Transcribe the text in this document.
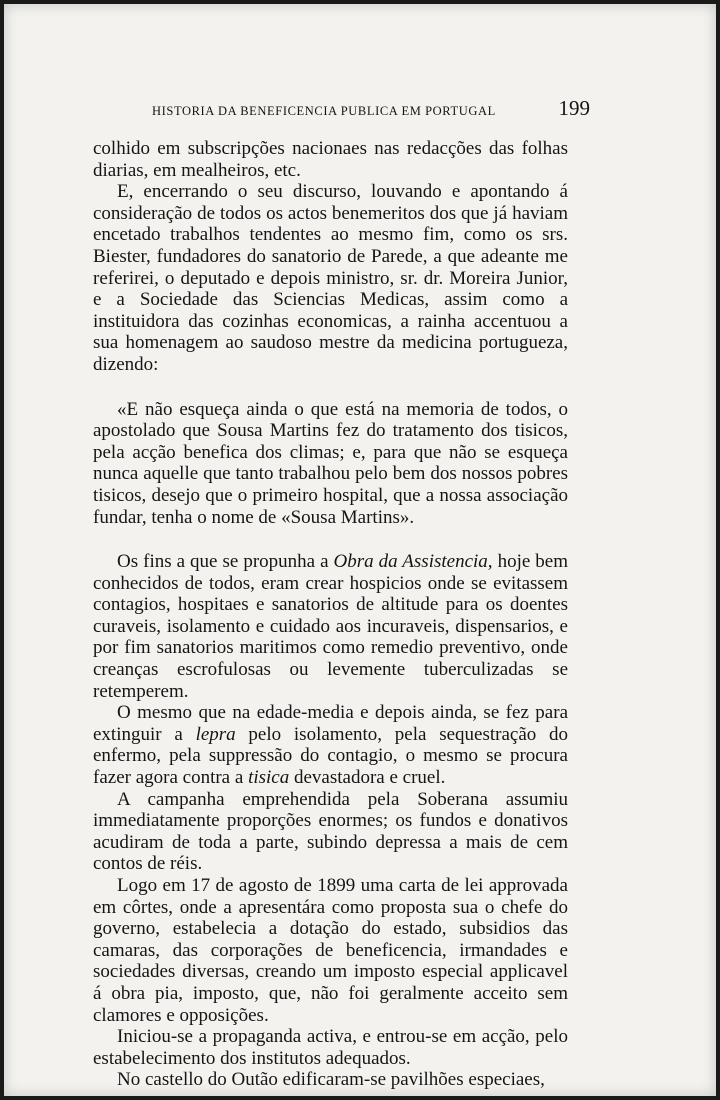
HISTORIA DA BENEFICENCIA PUBLICA EM PORTUGAL	199

colhido em subscripções nacionaes nas redacções das folhas diarias, em mealheiros, etc.

E, encerrando o seu discurso, louvando e apontando á consideração de todos os actos benemeritos dos que já haviam encetado trabalhos tendentes ao mesmo fim, como os srs. Biester, fundadores do sanatorio de Parede, a que adeante me referirei, o deputado e depois ministro, sr. dr. Moreira Junior, e a Sociedade das Sciencias Medicas, assim como a instituidora das cozinhas economicas, a rainha accentuou a sua homenagem ao saudoso mestre da medicina portugueza, dizendo:

«E não esqueça ainda o que está na memoria de todos, o apostolado que Sousa Martins fez do tratamento dos tisicos, pela acção benefica dos climas; e, para que não se esqueça nunca aquelle que tanto trabalhou pelo bem dos nossos pobres tisicos, desejo que o primeiro hospital, que a nossa associação fundar, tenha o nome de «Sousa Martins».

Os fins a que se propunha a Obra da Assistencia, hoje bem conhecidos de todos, eram crear hospicios onde se evitassem contagios, hospitaes e sanatorios de altitude para os doentes curaveis, isolamento e cuidado aos incuraveis, dispensarios, e por fim sanatorios maritimos como remedio preventivo, onde creanças escrofulosas ou levemente tuberculizadas se retemperem.

O mesmo que na edade-media e depois ainda, se fez para extinguir a lepra pelo isolamento, pela sequestração do enfermo, pela suppressão do contagio, o mesmo se procura fazer agora contra a tisica devastadora e cruel.

A campanha emprehendida pela Soberana assumiu immediatamente proporções enormes; os fundos e donativos acudiram de toda a parte, subindo depressa a mais de cem contos de réis.

Logo em 17 de agosto de 1899 uma carta de lei approvada em côrtes, onde a apresentára como proposta sua o chefe do governo, estabelecia a dotação do estado, subsidios das camaras, das corporações de beneficencia, irmandades e sociedades diversas, creando um imposto especial applicavel á obra pia, imposto, que, não foi geralmente acceito sem clamores e opposições.

Iniciou-se a propaganda activa, e entrou-se em acção, pelo estabelecimento dos institutos adequados.

No castello do Outão edificaram-se pavilhões especiaes,
